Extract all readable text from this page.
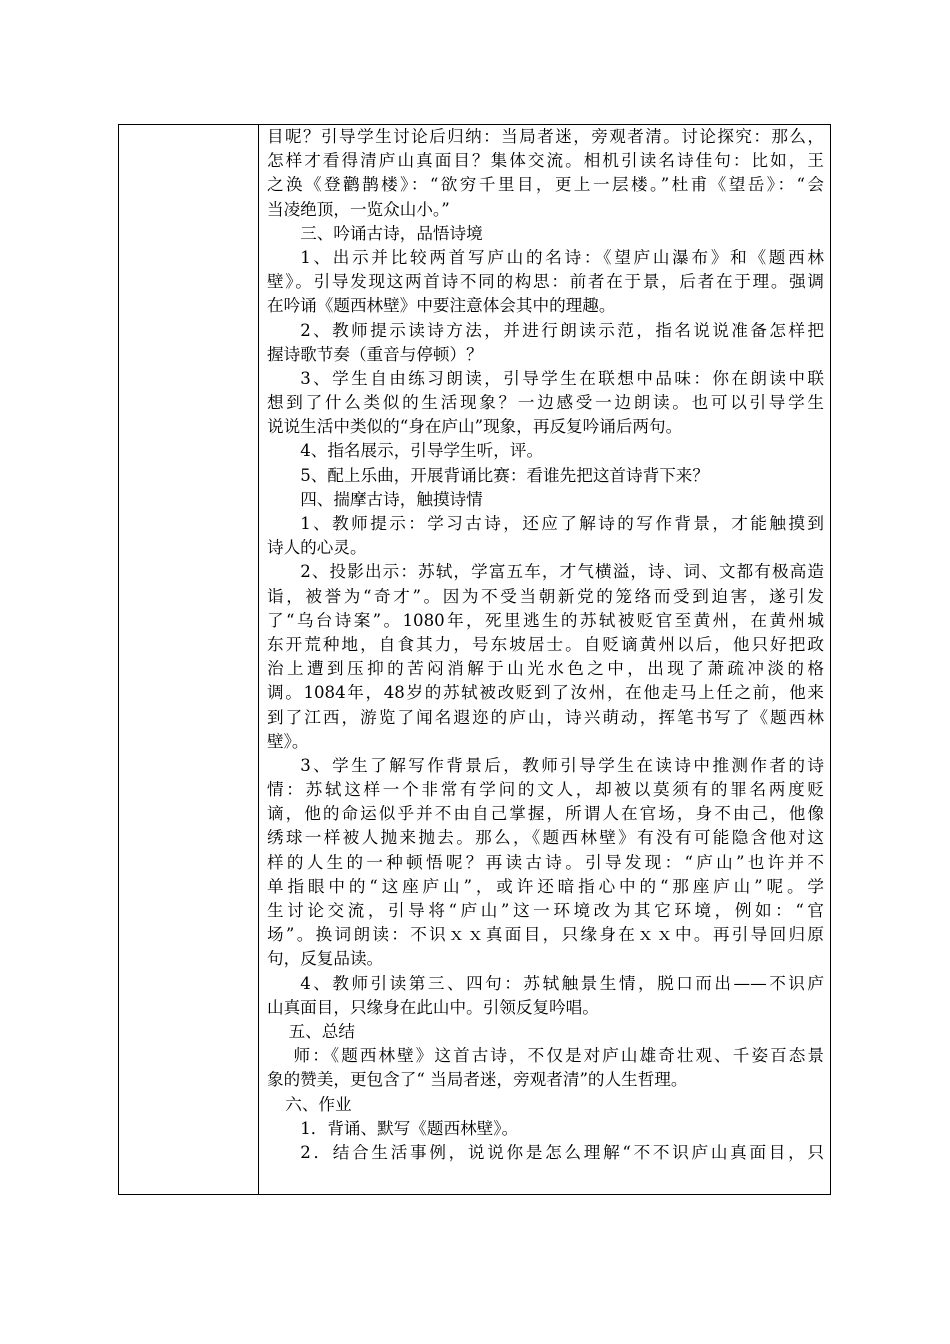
目呢？引导学生讨论后归纳：当局者迷，旁观者清。讨论探究：那么，
怎样才看得清庐山真面目？集体交流。相机引读名诗佳句：比如，王
之涣《登鹳鹊楼》：“欲穷千里目，更上一层楼。”杜甫《望岳》：“会
当凌绝顶，一览众山小。”
三、吟诵古诗，品悟诗境
1、出示并比较两首写庐山的名诗：《望庐山瀑布》和《题西林
壁》。引导发现这两首诗不同的构思：前者在于景，后者在于理。强调
在吟诵《题西林壁》中要注意体会其中的理趣。
2、教师提示读诗方法，并进行朗读示范，指名说说准备怎样把
握诗歌节奏（重音与停顿）？
3、学生自由练习朗读，引导学生在联想中品味：你在朗读中联
想到了什么类似的生活现象？一边感受一边朗读。也可以引导学生
说说生活中类似的“身在庐山”现象，再反复吟诵后两句。
4、指名展示，引导学生听，评。
5、配上乐曲，开展背诵比赛：看谁先把这首诗背下来？
四、揣摩古诗，触摸诗情
1、教师提示：学习古诗，还应了解诗的写作背景，才能触摸到
诗人的心灵。
2、投影出示：苏轼，学富五车，才气横溢，诗、词、文都有极高造
诣，被誉为“奇才”。因为不受当朝新党的笼络而受到迫害，遂引发
了“乌台诗案”。1080年，死里逃生的苏轼被贬官至黄州，在黄州城
东开荒种地，自食其力，号东坡居士。自贬谪黄州以后，他只好把政
治上遭到压抑的苦闷消解于山光水色之中，出现了萧疏冲淡的格
调。1084年，48岁的苏轼被改贬到了汝州，在他走马上任之前，他来
到了江西，游览了闻名遐迩的庐山，诗兴萌动，挥笔书写了《题西林
壁》。
3、学生了解写作背景后，教师引导学生在读诗中推测作者的诗
情：苏轼这样一个非常有学问的文人，却被以莫须有的罪名两度贬
谪，他的命运似乎并不由自己掌握，所谓人在官场，身不由己，他像
绣球一样被人抛来抛去。那么，《题西林壁》有没有可能隐含他对这
样的人生的一种顿悟呢？再读古诗。引导发现：“庐山”也许并不
单指眼中的“这座庐山”，或许还暗指心中的“那座庐山”呢。学
生讨论交流，引导将“庐山”这一环境改为其它环境，例如：“官
场”。换词朗读：不识ｘｘ真面目，只缘身在ｘｘ中。再引导回归原
句，反复品读。
4、教师引读第三、四句：苏轼触景生情，脱口而出——不识庐
山真面目，只缘身在此山中。引领反复吟唱。
五、总结
师：《题西林壁》这首古诗，不仅是对庐山雄奇壮观、千姿百态景
象的赞美，更包含了“ 当局者迷，旁观者清”的人生哲理。
六、作业
1．背诵、默写《题西林壁》。
2．结合生活事例，说说你是怎么理解“不不识庐山真面目，只
